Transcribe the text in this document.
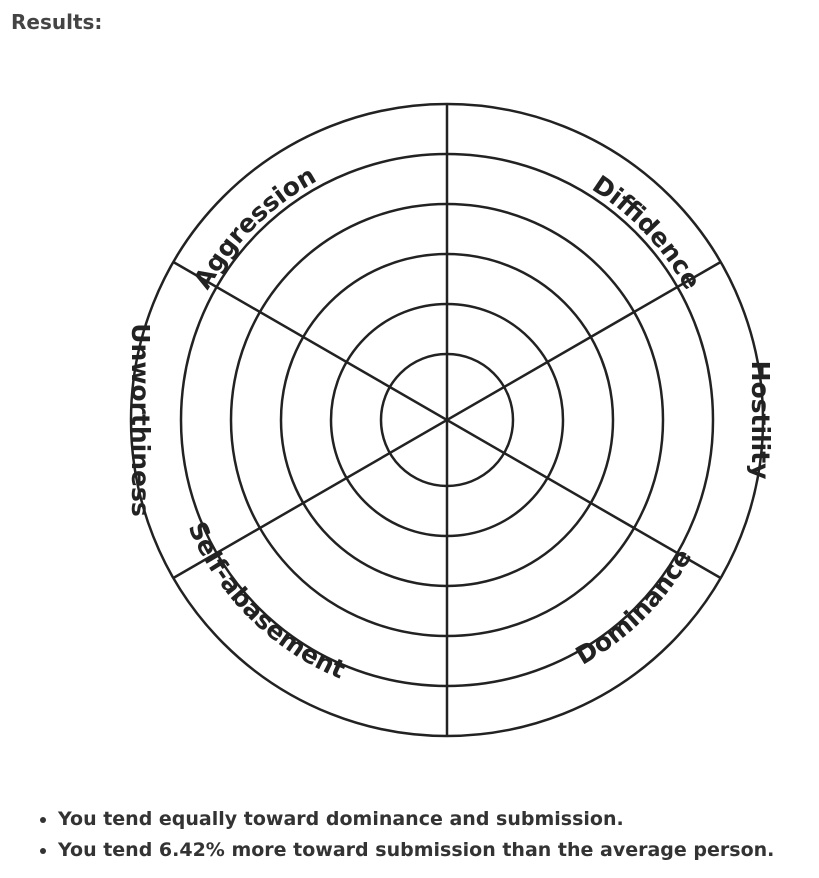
Results:
Aggression	Diffidence
Hostility
Self-abasement	Dominance
Unworthiness
• You tend equally toward dominance and submission.
• You tend 6.42% more toward submission than the average person.
